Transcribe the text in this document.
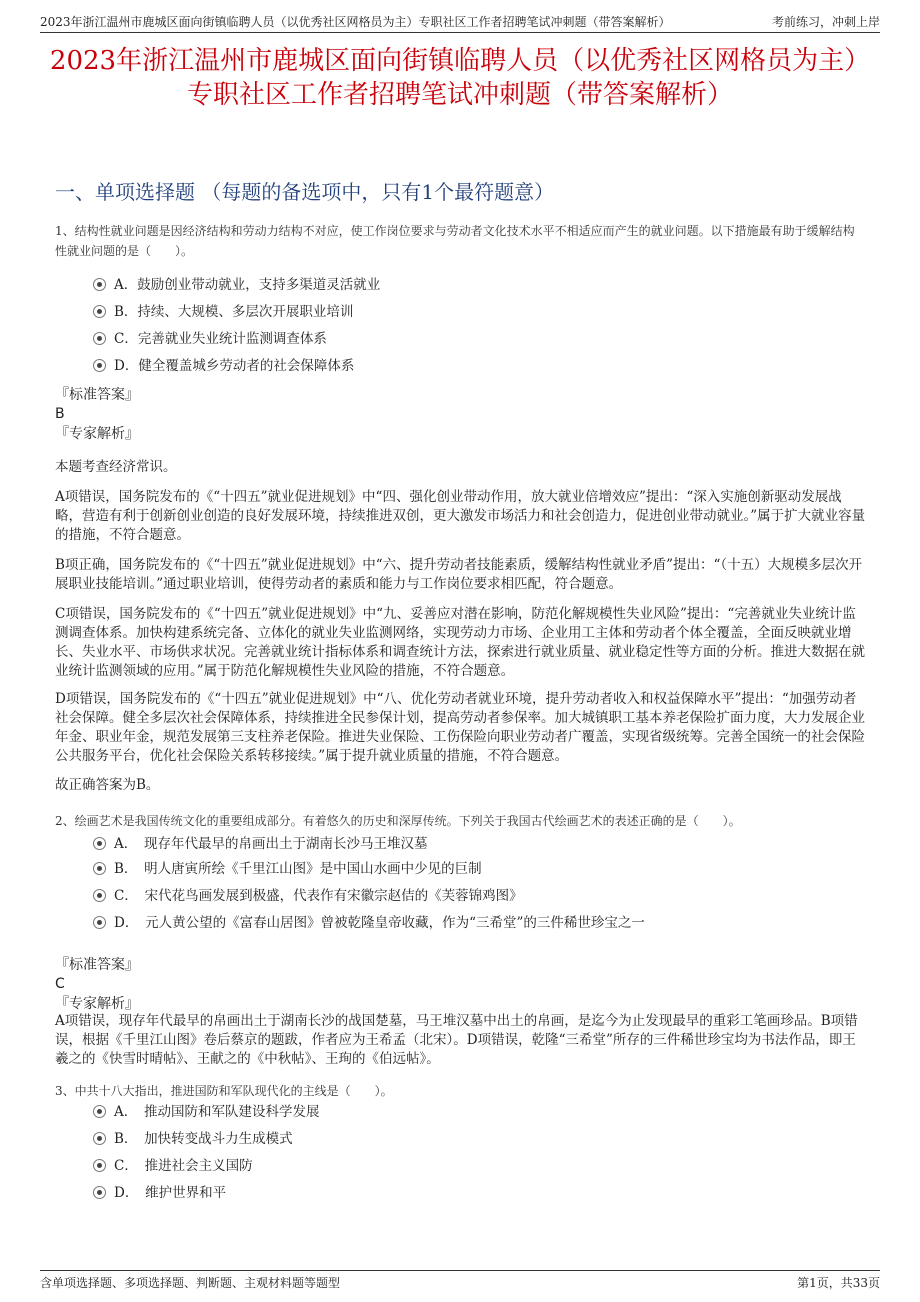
2023年浙江温州市鹿城区面向街镇临聘人员（以优秀社区网格员为主）专职社区工作者招聘笔试冲刺题（带答案解析）	考前练习，冲刺上岸
2023年浙江温州市鹿城区面向街镇临聘人员（以优秀社区网格员为主）专职社区工作者招聘笔试冲刺题（带答案解析）
一、单项选择题 （每题的备选项中，只有1个最符题意）
1、结构性就业问题是因经济结构和劳动力结构不对应，使工作岗位要求与劳动者文化技术水平不相适应而产生的就业问题。以下措施最有助于缓解结构性就业问题的是（　　）。
A．鼓励创业带动就业，支持多渠道灵活就业
B．持续、大规模、多层次开展职业培训
C．完善就业失业统计监测调查体系
D．健全覆盖城乡劳动者的社会保障体系
『标准答案』
B
『专家解析』
本题考查经济常识。
A项错误，国务院发布的《“十四五”就业促进规划》中“四、强化创业带动作用，放大就业倍增效应”提出：“深入实施创新驱动发展战略，营造有利于创新创业创造的良好发展环境，持续推进双创，更大激发市场活力和社会创造力，促进创业带动就业。”属于扩大就业容量的措施，不符合题意。
B项正确，国务院发布的《“十四五”就业促进规划》中“六、提升劳动者技能素质，缓解结构性就业矛盾”提出：“（十五）大规模多层次开展职业技能培训。”通过职业培训，使得劳动者的素质和能力与工作岗位要求相匹配，符合题意。
C项错误，国务院发布的《“十四五”就业促进规划》中“九、妥善应对潜在影响，防范化解规模性失业风险”提出：“完善就业失业统计监测调查体系。加快构建系统完备、立体化的就业失业监测网络，实现劳动力市场、企业用工主体和劳动者个体全覆盖，全面反映就业增长、失业水平、市场供求状况。完善就业统计指标体系和调查统计方法，探索进行就业质量、就业稳定性等方面的分析。推进大数据在就业统计监测领域的应用。”属于防范化解规模性失业风险的措施，不符合题意。
D项错误，国务院发布的《“十四五”就业促进规划》中“八、优化劳动者就业环境，提升劳动者收入和权益保障水平”提出：“加强劳动者社会保障。健全多层次社会保障体系，持续推进全民参保计划，提高劳动者参保率。加大城镇职工基本养老保险扩面力度，大力发展企业年金、职业年金，规范发展第三支柱养老保险。推进失业保险、工伤保险向职业劳动者广覆盖，实现省级统筹。完善全国统一的社会保险公共服务平台，优化社会保险关系转移接续。”属于提升就业质量的措施，不符合题意。
故正确答案为B。
2、绘画艺术是我国传统文化的重要组成部分。有着悠久的历史和深厚传统。下列关于我国古代绘画艺术的表述正确的是（　　）。
A．　现存年代最早的帛画出土于湖南长沙马王堆汉墓
B．　明人唐寅所绘《千里江山图》是中国山水画中少见的巨制
C．　宋代花鸟画发展到极盛，代表作有宋徽宗赵佶的《芙蓉锦鸡图》
D．　元人黄公望的《富春山居图》曾被乾隆皇帝收藏，作为“三希堂”的三件稀世珍宝之一
『标准答案』
C
『专家解析』
A项错误，现存年代最早的帛画出土于湖南长沙的战国楚墓，马王堆汉墓中出土的帛画，是迄今为止发现最早的重彩工笔画珍品。B项错误，根据《千里江山图》卷后蔡京的题跋，作者应为王希孟（北宋）。D项错误，乾隆“三希堂”所存的三件稀世珍宝均为书法作品，即王羲之的《快雪时晴帖》、王献之的《中秋帖》、王珣的《伯远帖》。
3、中共十八大指出，推进国防和军队现代化的主线是（　　）。
A．　推动国防和军队建设科学发展
B．　加快转变战斗力生成模式
C．　推进社会主义国防
D．　维护世界和平
含单项选择题、多项选择题、判断题、主观材料题等题型	第1页，共33页
